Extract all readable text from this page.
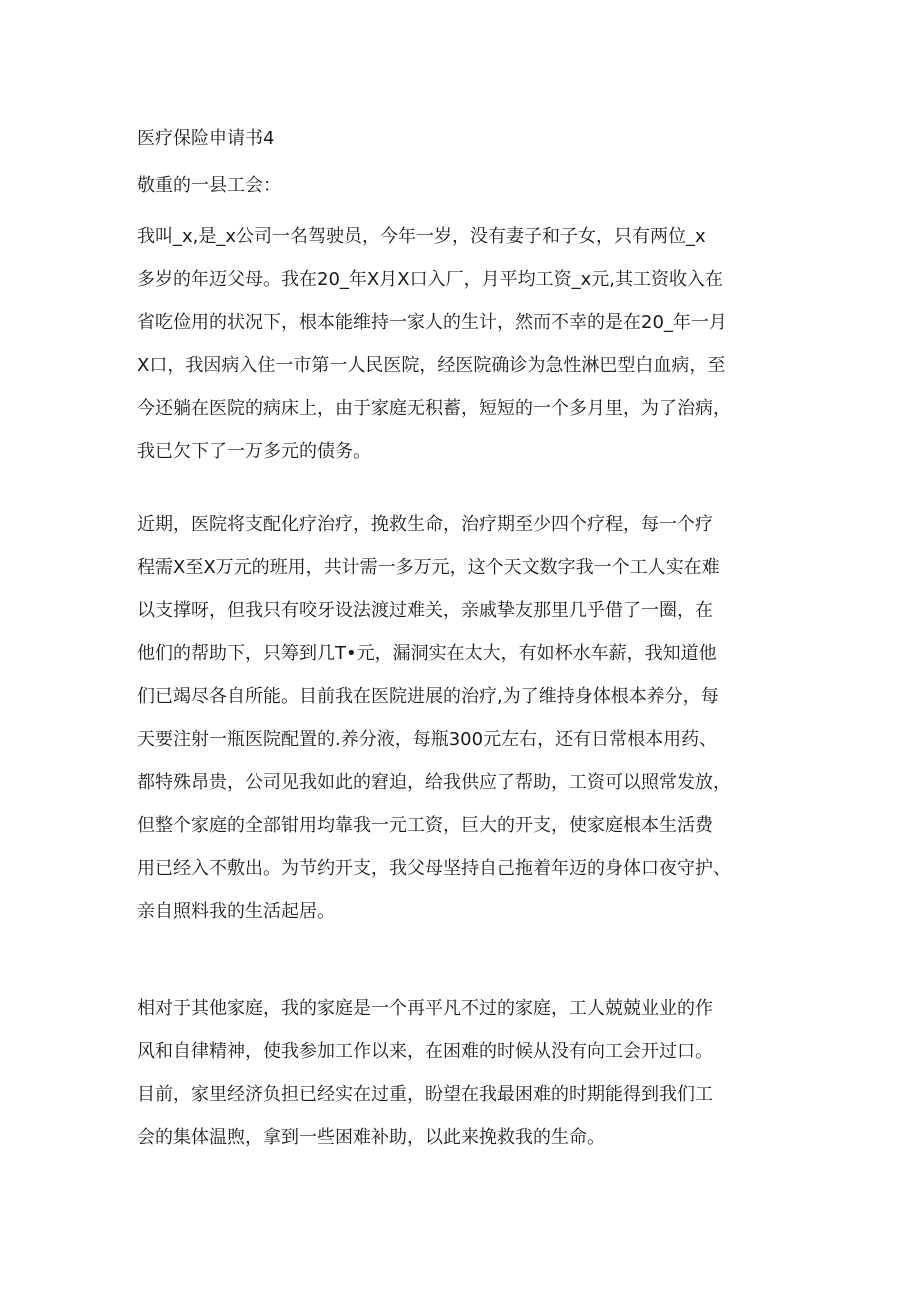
医疗保险申请书4
敬重的一县工会：
我叫_x,是_x公司一名驾驶员，今年一岁，没有妻子和子女，只有两位_x
多岁的年迈父母。我在20_年X月X口入厂，月平均工资_x元,其工资收入在
省吃俭用的状况下，根本能维持一家人的生计，然而不幸的是在20_年一月
X口，我因病入住一市第一人民医院，经医院确诊为急性淋巴型白血病，至
今还躺在医院的病床上，由于家庭无积蓄，短短的一个多月里，为了治病，
我已欠下了一万多元的债务。
近期，医院将支配化疗治疗，挽救生命，治疗期至少四个疗程，每一个疗
程需X至X万元的班用，共计需一多万元，这个天文数字我一个工人实在难
以支撑呀，但我只有咬牙设法渡过难关，亲戚挚友那里几乎借了一圈，在
他们的帮助下，只筹到几T•元，漏洞实在太大，有如杯水车薪，我知道他
们已竭尽各自所能。目前我在医院进展的治疗,为了维持身体根本养分，每
天要注射一瓶医院配置的.养分液，每瓶300元左右，还有日常根本用药、
都特殊昂贵，公司见我如此的窘迫，给我供应了帮助，工资可以照常发放，
但整个家庭的全部钳用均靠我一元工资，巨大的开支，使家庭根本生活费
用已经入不敷出。为节约开支，我父母坚持自己拖着年迈的身体口夜守护、
亲自照料我的生活起居。
相对于其他家庭，我的家庭是一个再平凡不过的家庭，工人兢兢业业的作
风和自律精神，使我参加工作以来，在困难的时候从没有向工会开过口。
目前，家里经济负担已经实在过重，盼望在我最困难的时期能得到我们工
会的集体温煦，拿到一些困难补助，以此来挽救我的生命。
